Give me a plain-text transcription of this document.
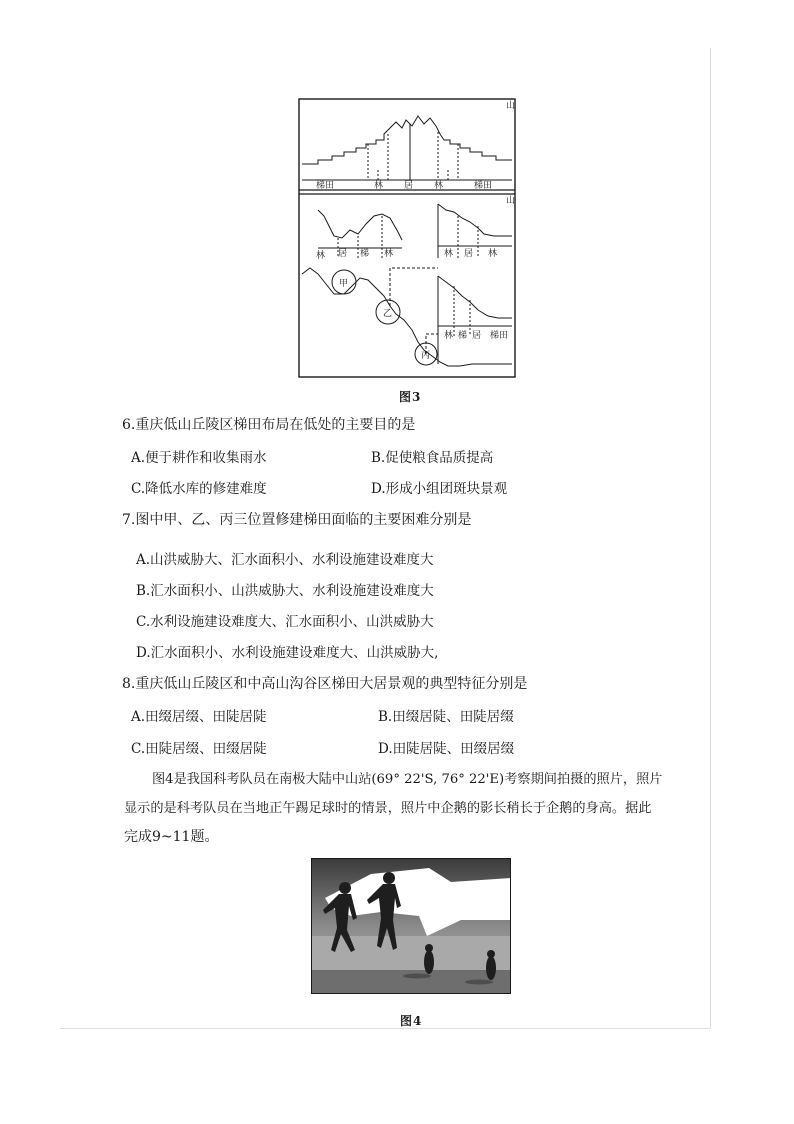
山
山
梯田	林 居 林	梯田
林 居 梯 林	林 居 林
林 梯 居 梯田
甲
乙
丙
图3
6.重庆低山丘陵区梯田布局在低处的主要目的是
A.便于耕作和收集雨水	B.促使粮食品质提高
C.降低水库的修建难度	D.形成小组团斑块景观
7.图中甲、乙、丙三位置修建梯田面临的主要困难分别是
A.山洪威胁大、汇水面积小、水利设施建设难度大
B.汇水面积小、山洪威胁大、水利设施建设难度大
C.水利设施建设难度大、汇水面积小、山洪威胁大
D.汇水面积小、水利设施建设难度大、山洪威胁大,
8.重庆低山丘陵区和中高山沟谷区梯田大居景观的典型特征分别是
A.田缀居缀、田陡居陡	B.田缀居陡、田陡居缀
C.田陡居缀、田缀居陡	D.田陡居陡、田缀居缀
图4是我国科考队员在南极大陆中山站(69° 22'S, 76° 22'E)考察期间拍摄的照片，照片
显示的是科考队员在当地正午踢足球时的情景，照片中企鹅的影长稍长于企鹅的身高。据此
完成9~11题。
图4
